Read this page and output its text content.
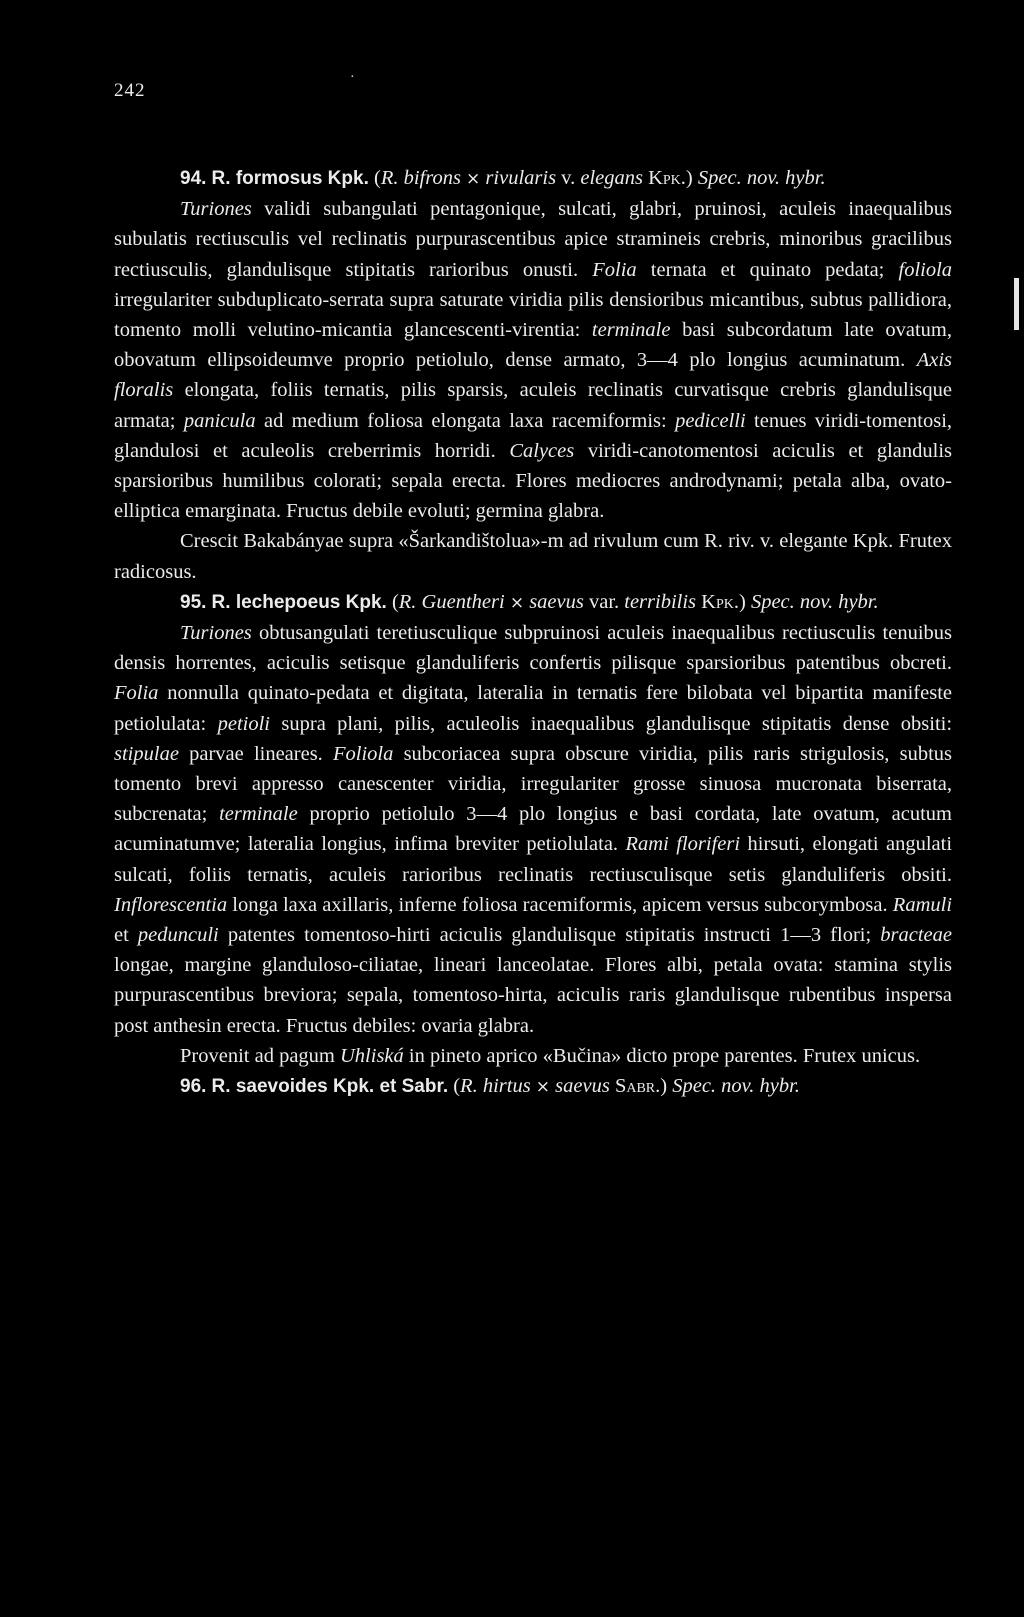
242
·

94. R. formosus Kpk. (R. bifrons × rivularis v. elegans Kpk.) Spec. nov. hybr.

Turiones validi subangulati pentagonique, sulcati, glabri, pruinosi, aculeis inaequalibus subulatis rectiusculis vel reclinatis purpurascentibus apice stramineis crebris, minoribus gracilibus rectiusculis, glandulisque stipitatis rarioribus onusti. Folia ternata et quinato pedata; foliola irregulariter subduplicato-serrata supra saturate viridia pilis densioribus micantibus, subtus pallidiora, tomento molli velutino-micantia glancescenti-virentia: terminale basi subcordatum late ovatum, obovatum ellipsoideumve proprio petiolulo, dense armato, 3—4 plo longius acuminatum. Axis floralis elongata, foliis ternatis, pilis sparsis, aculeis reclinatis curvatisque crebris glandulisque armata; panicula ad medium foliosa elongata laxa racemiformis: pedicelli tenues viridi-tomentosi, glandulosi et aculeolis creberrimis horridi. Calyces viridi-canotomentosi aciculis et glandulis sparsioribus humilibus colorati; sepala erecta. Flores mediocres androdynami; petala alba, ovato-elliptica emarginata. Fructus debile evoluti; germina glabra.

Crescit Bakabányae supra «Šarkandištolua»-m ad rivulum cum R. riv. v. elegante Kpk. Frutex radicosus.

95. R. lechepoeus Kpk. (R. Guentheri × saevus var. terribilis Kpk.) Spec. nov. hybr.

Turiones obtusangulati teretiusculique subpruinosi aculeis inaequalibus rectiusculis tenuibus densis horrentes, aciculis setisque glanduliferis confertis pilisque sparsioribus patentibus obcreti. Folia nonnulla quinato-pedata et digitata, lateralia in ternatis fere bilobata vel bipartita manifeste petiolulata: petioli supra plani, pilis, aculeolis inaequalibus glandulisque stipitatis dense obsiti: stipulae parvae lineares. Foliola subcoriacea supra obscure viridia, pilis raris strigulosis, subtus tomento brevi appresso canescenter viridia, irregulariter grosse sinuosa mucronata biserrata, subcrenata; terminale proprio petiolulo 3—4 plo longius e basi cordata, late ovatum, acutum acuminatumve; lateralia longius, infima breviter petiolulata. Rami floriferi hirsuti, elongati angulati sulcati, foliis ternatis, aculeis rarioribus reclinatis rectiusculisque setis glanduliferis obsiti. Inflorescentia longa laxa axillaris, inferne foliosa racemiformis, apicem versus subcorymbosa. Ramuli et pedunculi patentes tomentoso-hirti aciculis glandulisque stipitatis instructi 1—3 flori; bracteae longae, margine glanduloso-ciliatae, lineari lanceolatae. Flores albi, petala ovata: stamina stylis purpurascentibus breviora; sepala, tomentoso-hirta, aciculis raris glandulisque rubentibus inspersa post anthesin erecta. Fructus debiles: ovaria glabra.

Provenit ad pagum Uhliská in pineto aprico «Bučina» dicto prope parentes. Frutex unicus.

96. R. saevoides Kpk. et Sabr. (R. hirtus × saevus Sabr.) Spec. nov. hybr.
